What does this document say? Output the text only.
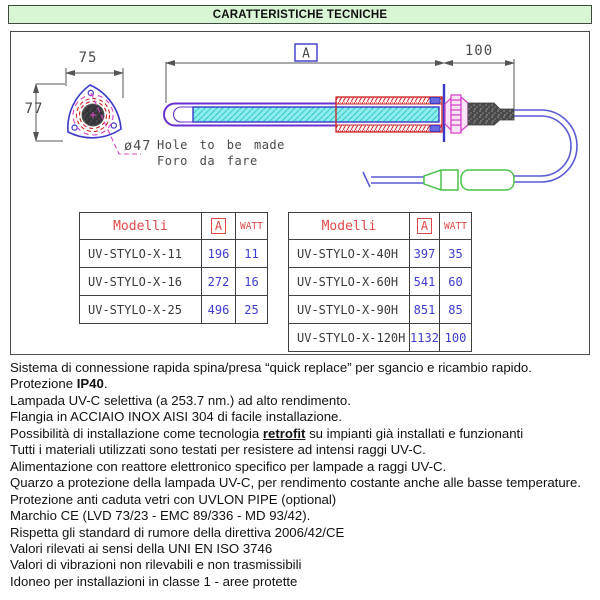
CARATTERISTICHE TECNICHE
75
77
A	100
ø47 Hole to be made
Foro da fare
Modelli	A	WATT
UV-STYLO-X-11	196	11
UV-STYLO-X-16	272	16
UV-STYLO-X-25	496	25
Modelli	A	WATT
UV-STYLO-X-40H	397	35
UV-STYLO-X-60H	541	60
UV-STYLO-X-90H	851	85
UV-STYLO-X-120H	1132	100
Sistema di connessione rapida spina/presa “quick replace” per sgancio e ricambio rapido.
Protezione IP40.
Lampada UV-C selettiva (a 253.7 nm.) ad alto rendimento.
Flangia in ACCIAIO INOX AISI 304 di facile installazione.
Possibilità di installazione come tecnologia retrofit su impianti già installati e funzionanti
Tutti i materiali utilizzati sono testati per resistere ad intensi raggi UV-C.
Alimentazione con reattore elettronico specifico per lampade a raggi UV-C.
Quarzo a protezione della lampada UV-C, per rendimento costante anche alle basse temperature.
Protezione anti caduta vetri con UVLON PIPE (optional)
Marchio CE (LVD 73/23 - EMC 89/336 - MD 93/42).
Rispetta gli standard di rumore della direttiva 2006/42/CE
Valori rilevati ai sensi della UNI EN ISO 3746
Valori di vibrazioni non rilevabili e non trasmissibili
Idoneo per installazioni in classe 1 - aree protette
